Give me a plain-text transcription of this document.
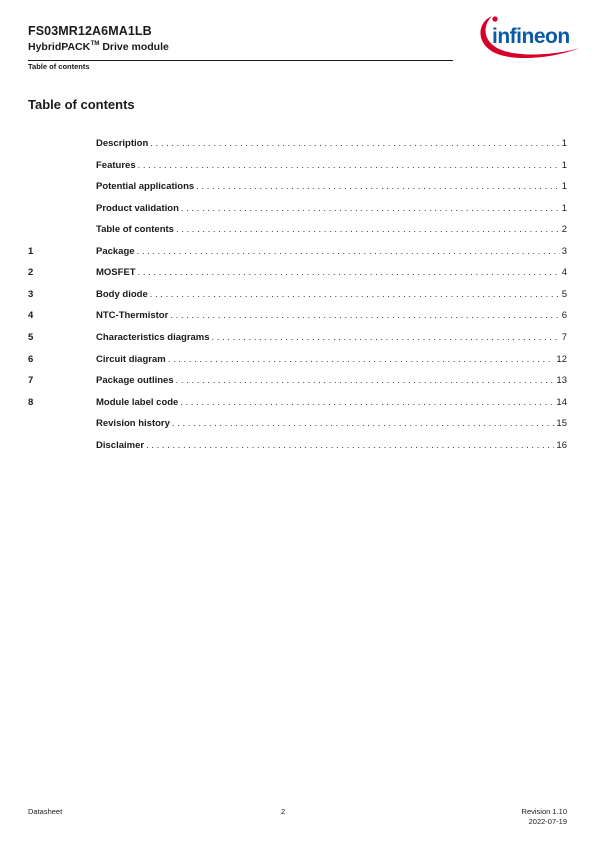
FS03MR12A6MA1LB
HybridPACK™ Drive module
Table of contents
infineon
Table of contents
Description . . .	1
Features . . .	1
Potential applications . . .	1
Product validation . . .	1
Table of contents . . .	2
1	Package . . .	3
2	MOSFET . . .	4
3	Body diode . . .	5
4	NTC-Thermistor . . .	6
5	Characteristics diagrams . . .	7
6	Circuit diagram . . .	12
7	Package outlines . . .	13
8	Module label code . . .	14
Revision history . . .	15
Disclaimer . . .	16
Datasheet	2	Revision 1.10
2022-07-19
